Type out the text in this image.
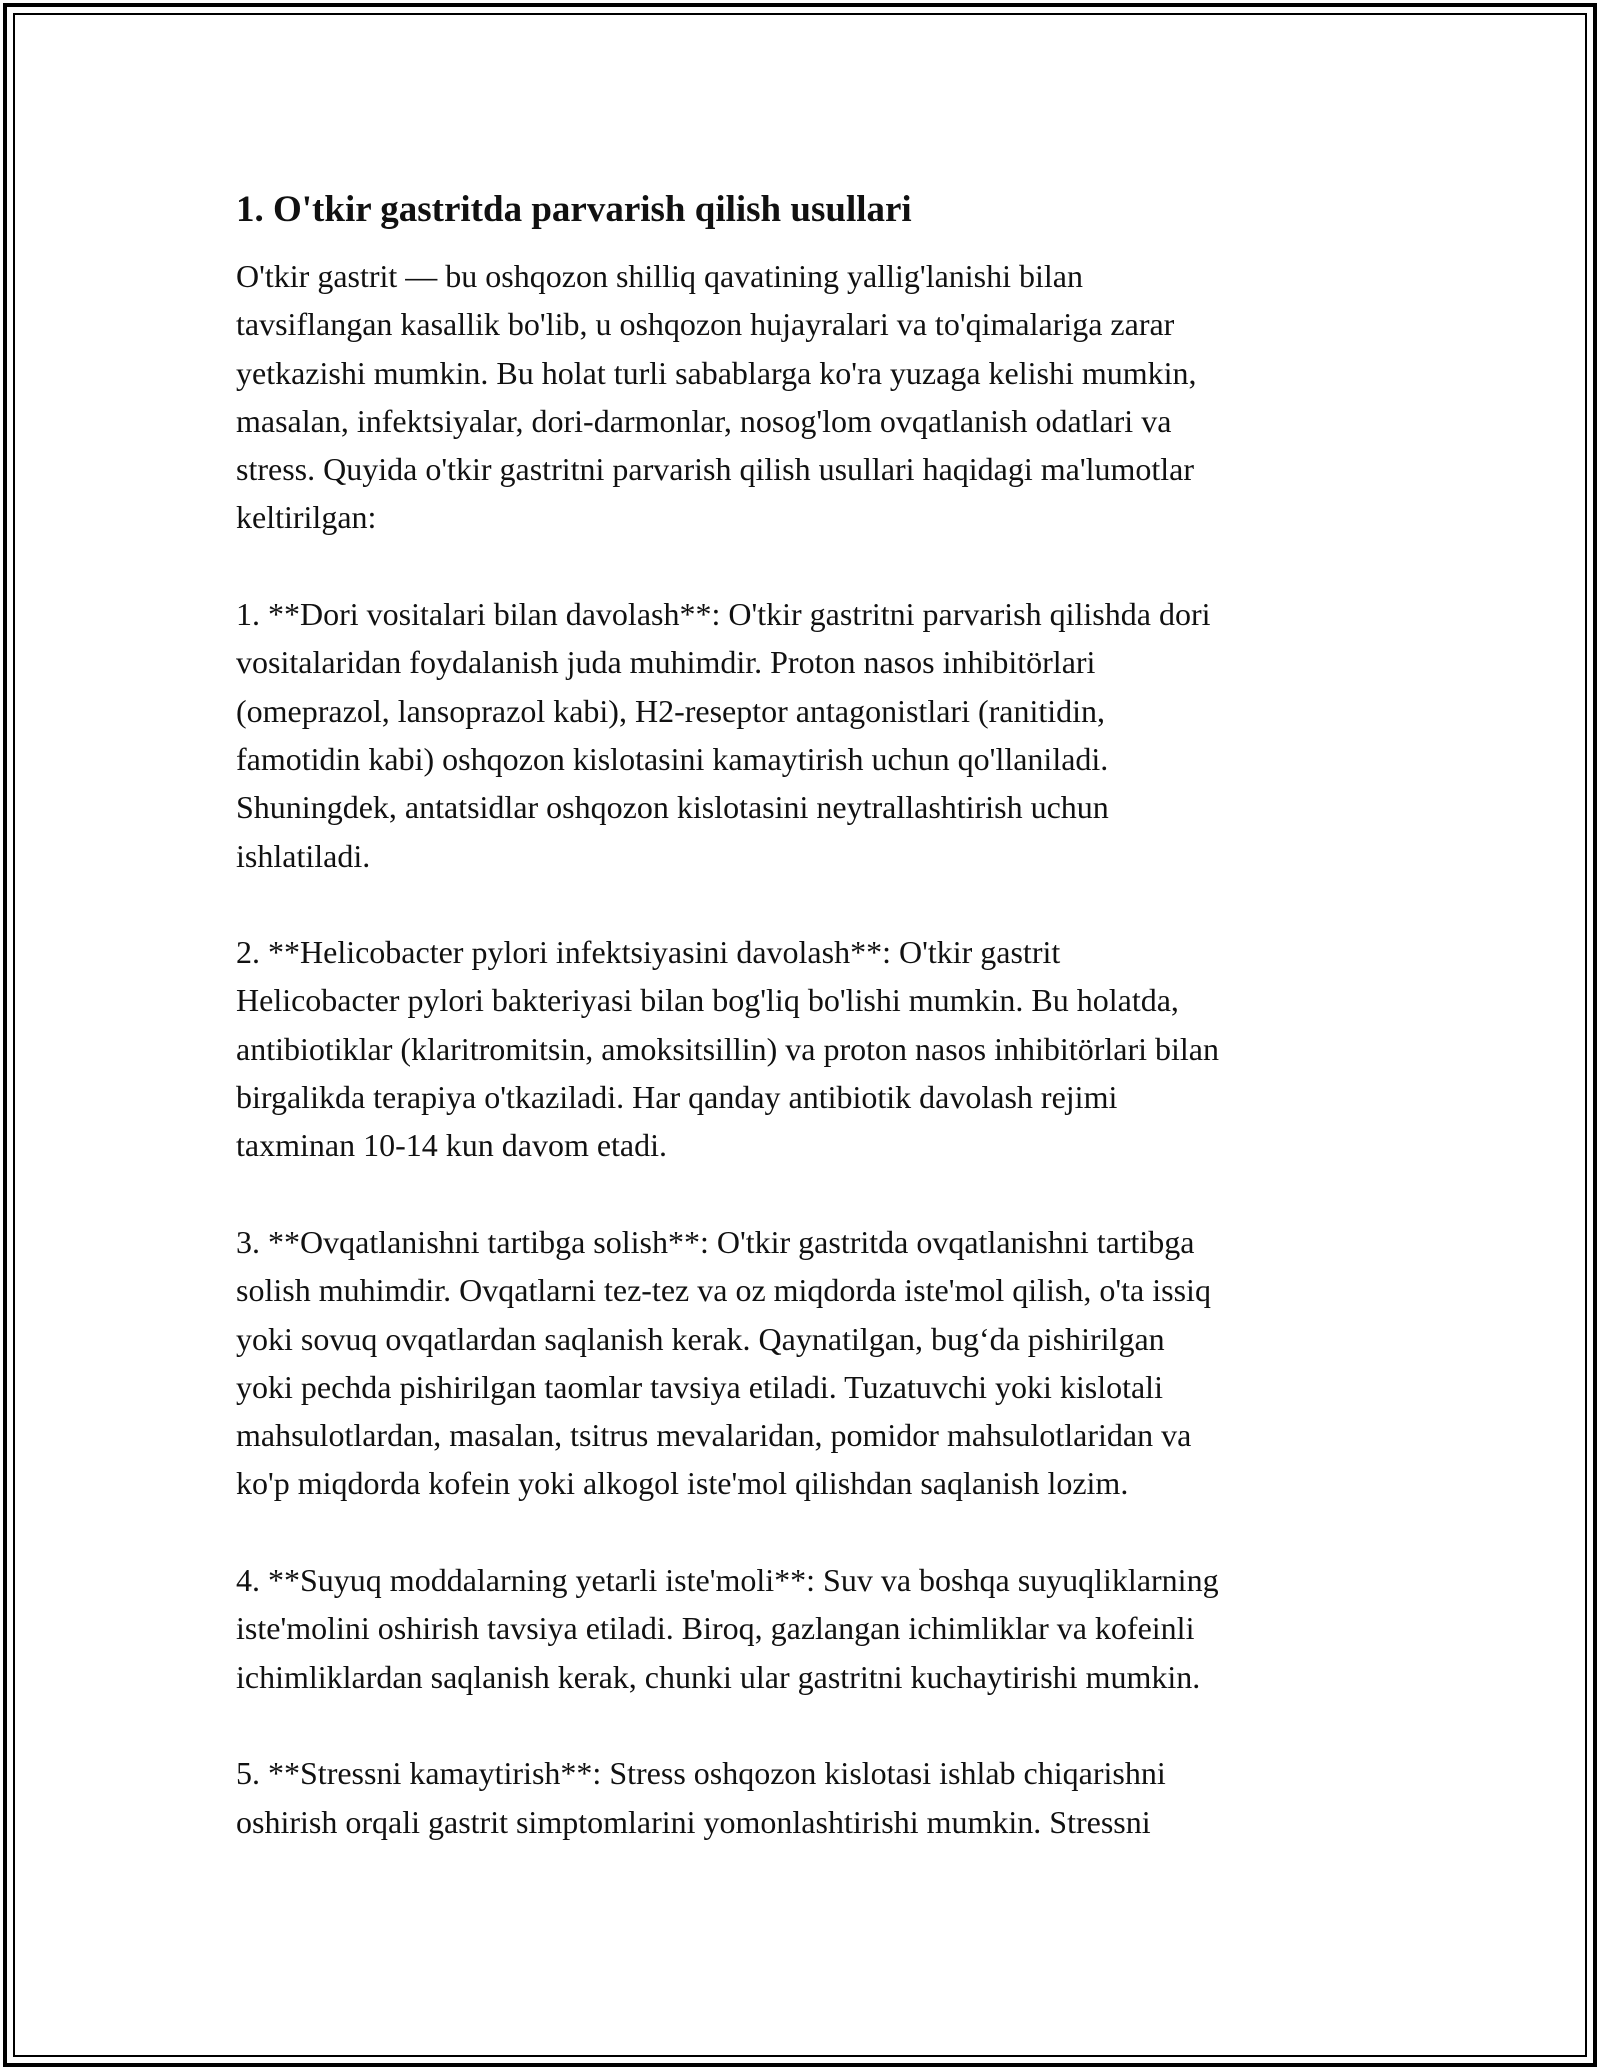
1. O'tkir gastritda parvarish qilish usullari
O'tkir gastrit — bu oshqozon shilliq qavatining yallig'lanishi bilan
tavsiflangan kasallik bo'lib, u oshqozon hujayralari va to'qimalariga zarar
yetkazishi mumkin. Bu holat turli sabablarga ko'ra yuzaga kelishi mumkin,
masalan, infektsiyalar, dori-darmonlar, nosog'lom ovqatlanish odatlari va
stress. Quyida o'tkir gastritni parvarish qilish usullari haqidagi ma'lumotlar
keltirilgan:
1. **Dori vositalari bilan davolash**: O'tkir gastritni parvarish qilishda dori
vositalaridan foydalanish juda muhimdir. Proton nasos inhibitörlari
(omeprazol, lansoprazol kabi), H2-reseptor antagonistlari (ranitidin,
famotidin kabi) oshqozon kislotasini kamaytirish uchun qo'llaniladi.
Shuningdek, antatsidlar oshqozon kislotasini neytrallashtirish uchun
ishlatiladi.
2. **Helicobacter pylori infektsiyasini davolash**: O'tkir gastrit
Helicobacter pylori bakteriyasi bilan bog'liq bo'lishi mumkin. Bu holatda,
antibiotiklar (klaritromitsin, amoksitsillin) va proton nasos inhibitörlari bilan
birgalikda terapiya o'tkaziladi. Har qanday antibiotik davolash rejimi
taxminan 10-14 kun davom etadi.
3. **Ovqatlanishni tartibga solish**: O'tkir gastritda ovqatlanishni tartibga
solish muhimdir. Ovqatlarni tez-tez va oz miqdorda iste'mol qilish, o'ta issiq
yoki sovuq ovqatlardan saqlanish kerak. Qaynatilgan, bug‘da pishirilgan
yoki pechda pishirilgan taomlar tavsiya etiladi. Tuzatuvchi yoki kislotali
mahsulotlardan, masalan, tsitrus mevalaridan, pomidor mahsulotlaridan va
ko'p miqdorda kofein yoki alkogol iste'mol qilishdan saqlanish lozim.
4. **Suyuq moddalarning yetarli iste'moli**: Suv va boshqa suyuqliklarning
iste'molini oshirish tavsiya etiladi. Biroq, gazlangan ichimliklar va kofeinli
ichimliklardan saqlanish kerak, chunki ular gastritni kuchaytirishi mumkin.
5. **Stressni kamaytirish**: Stress oshqozon kislotasi ishlab chiqarishni
oshirish orqali gastrit simptomlarini yomonlashtirishi mumkin. Stressni
